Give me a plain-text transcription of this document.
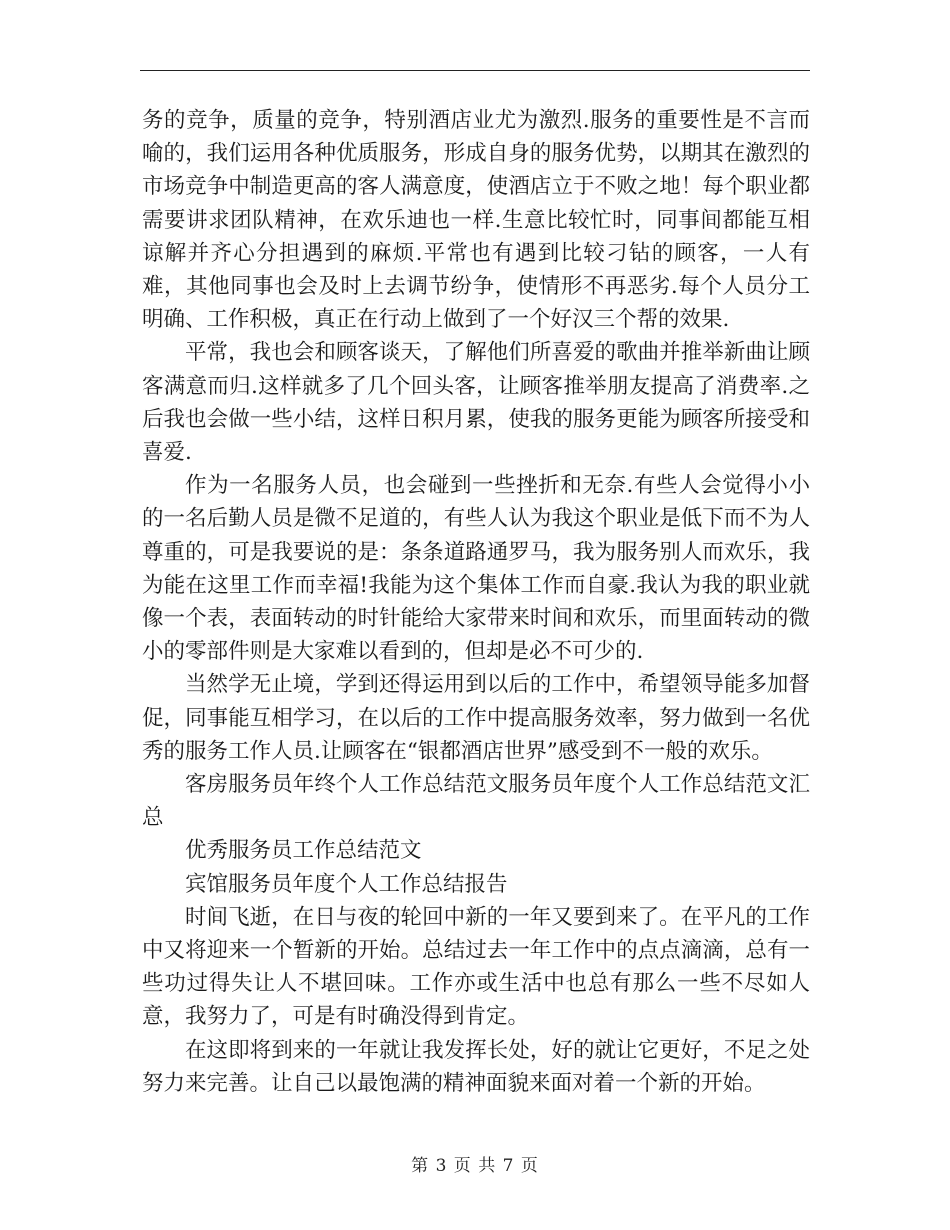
务的竞争，质量的竞争，特别酒店业尤为激烈.服务的重要性是不言而喻的，我们运用各种优质服务，形成自身的服务优势，以期其在激烈的市场竞争中制造更高的客人满意度，使酒店立于不败之地！每个职业都需要讲求团队精神，在欢乐迪也一样.生意比较忙时，同事间都能互相谅解并齐心分担遇到的麻烦.平常也有遇到比较刁钻的顾客，一人有难，其他同事也会及时上去调节纷争，使情形不再恶劣.每个人员分工明确、工作积极，真正在行动上做到了一个好汉三个帮的效果.

平常，我也会和顾客谈天，了解他们所喜爱的歌曲并推举新曲让顾客满意而归.这样就多了几个回头客，让顾客推举朋友提高了消费率.之后我也会做一些小结，这样日积月累，使我的服务更能为顾客所接受和喜爱.

作为一名服务人员，也会碰到一些挫折和无奈.有些人会觉得小小的一名后勤人员是微不足道的，有些人认为我这个职业是低下而不为人尊重的，可是我要说的是：条条道路通罗马，我为服务别人而欢乐，我为能在这里工作而幸福!我能为这个集体工作而自豪.我认为我的职业就像一个表，表面转动的时针能给大家带来时间和欢乐，而里面转动的微小的零部件则是大家难以看到的，但却是必不可少的.

当然学无止境，学到还得运用到以后的工作中，希望领导能多加督促，同事能互相学习，在以后的工作中提高服务效率，努力做到一名优秀的服务工作人员.让顾客在“银都酒店世界”感受到不一般的欢乐。

客房服务员年终个人工作总结范文服务员年度个人工作总结范文汇总

优秀服务员工作总结范文

宾馆服务员年度个人工作总结报告

时间飞逝，在日与夜的轮回中新的一年又要到来了。在平凡的工作中又将迎来一个暂新的开始。总结过去一年工作中的点点滴滴，总有一些功过得失让人不堪回味。工作亦或生活中也总有那么一些不尽如人意，我努力了，可是有时确没得到肯定。

在这即将到来的一年就让我发挥长处，好的就让它更好，不足之处努力来完善。让自己以最饱满的精神面貌来面对着一个新的开始。

第 3 页 共 7 页
